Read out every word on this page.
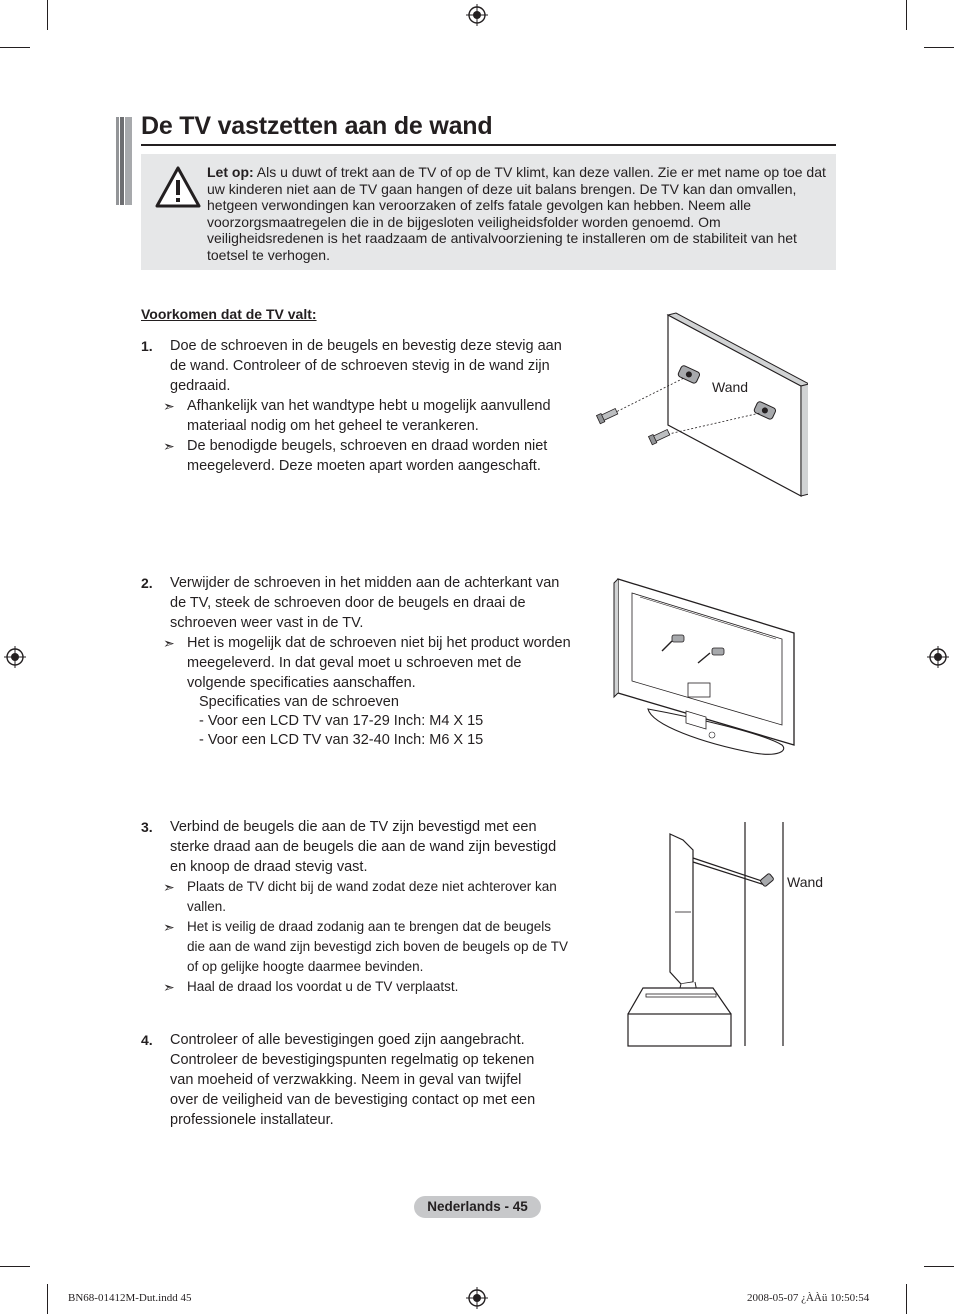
De TV vastzetten aan de wand
Let op: Als u duwt of trekt aan de TV of op de TV klimt, kan deze vallen. Zie er met name op toe dat uw kinderen niet aan de TV gaan hangen of deze uit balans brengen. De TV kan dan omvallen, hetgeen verwondingen kan veroorzaken of zelfs fatale gevolgen kan hebben. Neem alle voorzorgsmaatregelen die in de bijgesloten veiligheidsfolder worden genoemd. Om veiligheidsredenen is het raadzaam de antivalvoorziening te installeren om de stabiliteit van het toetsel te verhogen.
Voorkomen dat de TV valt:
1. Doe de schroeven in de beugels en bevestig deze stevig aan de wand. Controleer of de schroeven stevig in de wand zijn gedraaid.
➣ Afhankelijk van het wandtype hebt u mogelijk aanvullend materiaal nodig om het geheel te verankeren.
➣ De benodigde beugels, schroeven en draad worden niet meegeleverd. Deze moeten apart worden aangeschaft.
2. Verwijder de schroeven in het midden aan de achterkant van de TV, steek de schroeven door de beugels en draai de schroeven weer vast in de TV.
➣ Het is mogelijk dat de schroeven niet bij het product worden meegeleverd. In dat geval moet u schroeven met de volgende specificaties aanschaffen.
Specificaties van de schroeven
- Voor een LCD TV van 17-29 Inch: M4 X 15
- Voor een LCD TV van 32-40 Inch: M6 X 15
3. Verbind de beugels die aan de TV zijn bevestigd met een sterke draad aan de beugels die aan de wand zijn bevestigd en knoop de draad stevig vast.
➣ Plaats de TV dicht bij de wand zodat deze niet achterover kan vallen.
➣ Het is veilig de draad zodanig aan te brengen dat de beugels die aan de wand zijn bevestigd zich boven de beugels op de TV of op gelijke hoogte daarmee bevinden.
➣ Haal de draad los voordat u de TV verplaatst.
4. Controleer of alle bevestigingen goed zijn aangebracht. Controleer de bevestigingspunten regelmatig op tekenen van moeheid of verzwakking. Neem in geval van twijfel over de veiligheid van de bevestiging contact op met een professionele installateur.
Wand
Wand
Nederlands - 45
BN68-01412M-Dut.indd 45	2008-05-07 ¿ÀÀü 10:50:54
